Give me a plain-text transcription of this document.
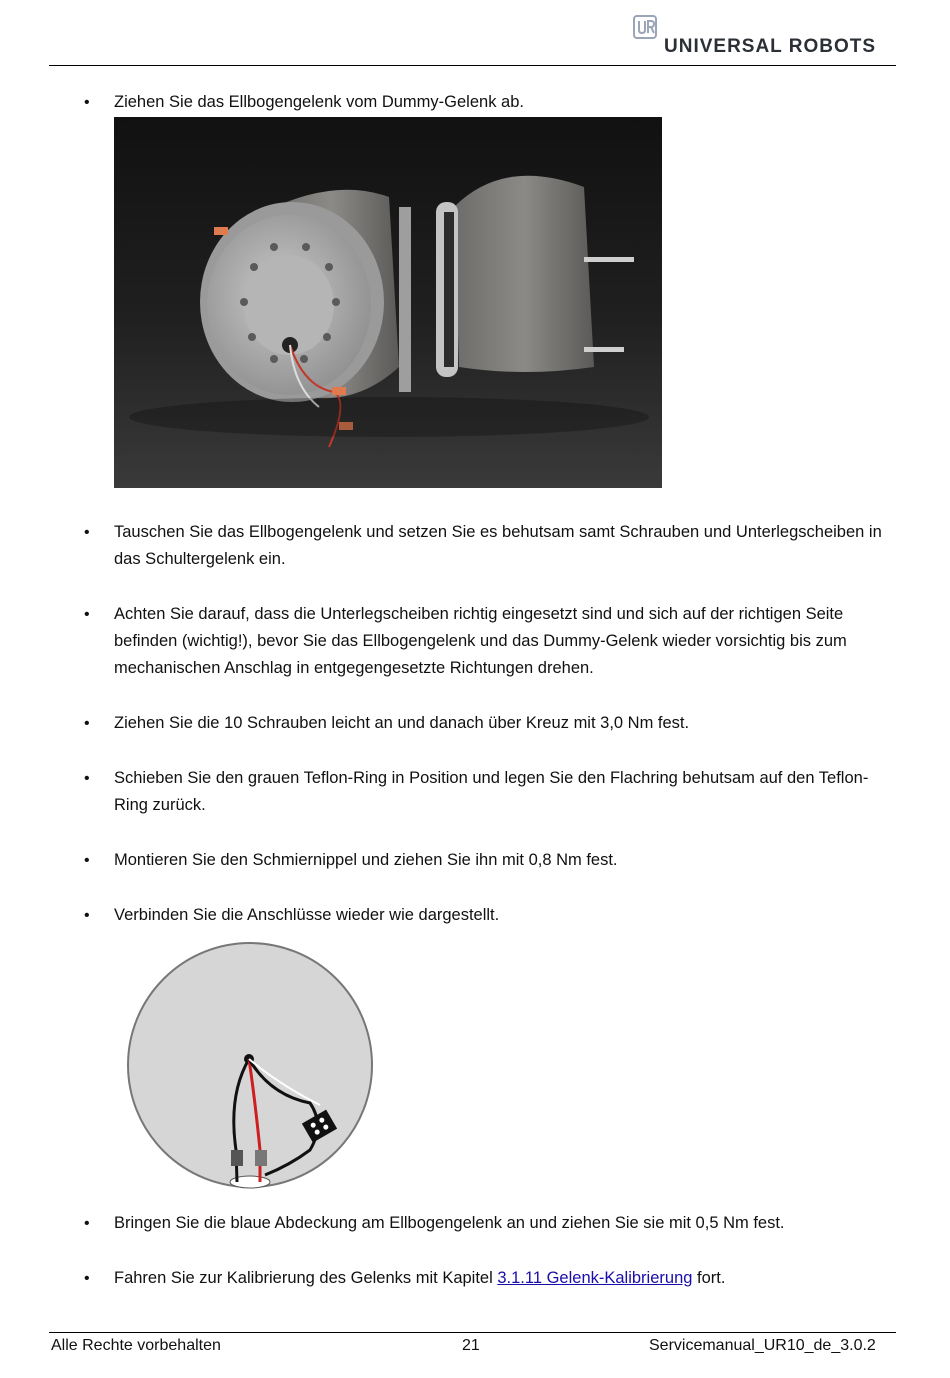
UNIVERSAL ROBOTS
• Ziehen Sie das Ellbogengelenk vom Dummy-Gelenk ab.
• Tauschen Sie das Ellbogengelenk und setzen Sie es behutsam samt Schrauben und Unterlegscheiben in das Schultergelenk ein.
• Achten Sie darauf, dass die Unterlegscheiben richtig eingesetzt sind und sich auf der richtigen Seite befinden (wichtig!), bevor Sie das Ellbogengelenk und das Dummy-Gelenk wieder vorsichtig bis zum mechanischen Anschlag in entgegengesetzte Richtungen drehen.
• Ziehen Sie die 10 Schrauben leicht an und danach über Kreuz mit 3,0 Nm fest.
• Schieben Sie den grauen Teflon-Ring in Position und legen Sie den Flachring behutsam auf den Teflon-Ring zurück.
• Montieren Sie den Schmiernippel und ziehen Sie ihn mit 0,8 Nm fest.
• Verbinden Sie die Anschlüsse wieder wie dargestellt.
• Bringen Sie die blaue Abdeckung am Ellbogengelenk an und ziehen Sie sie mit 0,5 Nm fest.
• Fahren Sie zur Kalibrierung des Gelenks mit Kapitel 3.1.11 Gelenk-Kalibrierung fort.
Alle Rechte vorbehalten	21	Servicemanual_UR10_de_3.0.2
